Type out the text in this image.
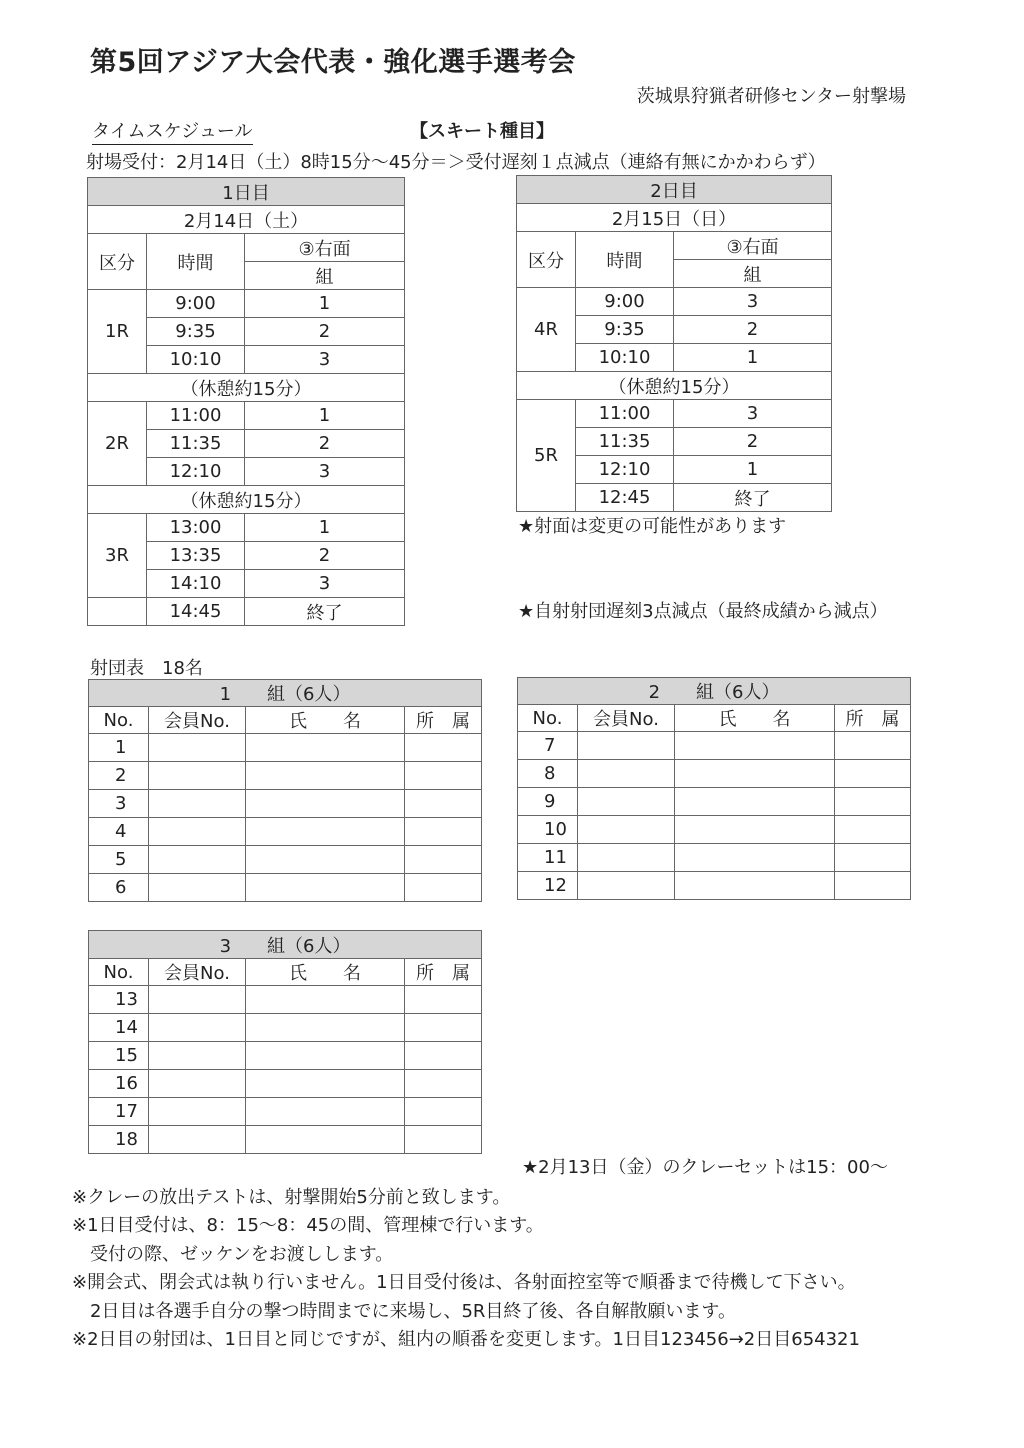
第5回アジア大会代表・強化選手選考会
茨城県狩猟者研修センター射撃場
タイムスケジュール	【スキート種目】
射場受付：2月14日（土）8時15分～45分＝＞受付遅刻１点減点（連絡有無にかかわらず）
1日目		
2月14日（土）		
区分	時間	③右面
		組
1R	9:00	1
	9:35	2
	10:10	3
（休憩約15分）		
2R	11:00	1
	11:35	2
	12:10	3
（休憩約15分）		
3R	13:00	1
	13:35	2
	14:10	3
	14:45	終了
2日目		
2月15日（日）		
区分	時間	③右面
		組
4R	9:00	3
	9:35	2
	10:10	1
（休憩約15分）		
5R	11:00	3
	11:35	2
	12:10	1
	12:45	終了
★射面は変更の可能性があります
★自射射団遅刻3点減点（最終成績から減点）
射団表　18名
1　　組（6人）			
No.	会員No.	氏　　名	所　属
1			
2			
3			
4			
5			
6			
2　　組（6人）			
No.	会員No.	氏　　名	所　属
7			
8			
9			
10			
11			
12			
3　　組（6人）			
No.	会員No.	氏　　名	所　属
13			
14			
15			
16			
17			
18			
★2月13日（金）のクレーセットは15：00～
※クレーの放出テストは、射撃開始5分前と致します。
※1日目受付は、8：15～8：45の間、管理棟で行います。
　受付の際、ゼッケンをお渡しします。
※開会式、閉会式は執り行いません。1日目受付後は、各射面控室等で順番まで待機して下さい。
　2日目は各選手自分の撃つ時間までに来場し、5R目終了後、各自解散願います。
※2日目の射団は、1日目と同じですが、組内の順番を変更します。1日目123456→2日目654321
